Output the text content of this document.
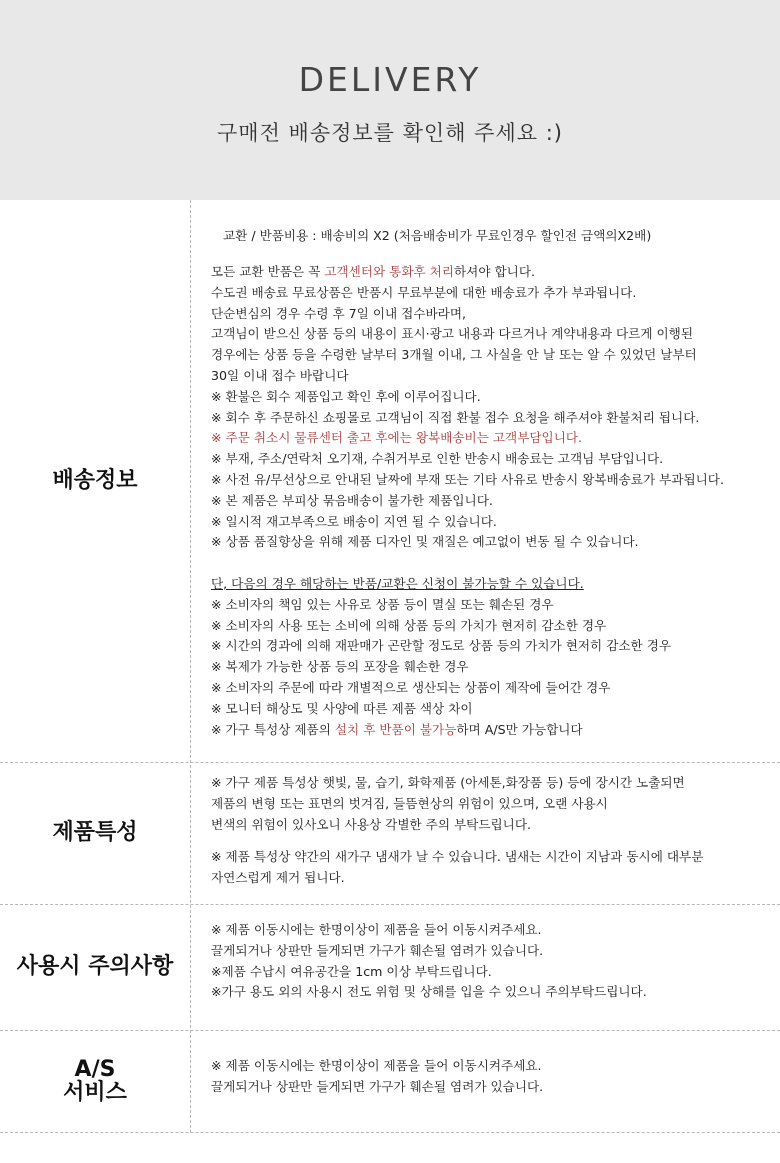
DELIVERY
구매전 배송정보를 확인해 주세요 :)
배송정보
교환 / 반품비용 : 배송비의 X2 (처음배송비가 무료인경우 할인전 금액의X2배)
모든 교환 반품은 꼭 고객센터와 통화후 처리하셔야 합니다.
수도권 배송료 무료상품은 반품시 무료부분에 대한 배송료가 추가 부과됩니다.
단순변심의 경우 수령 후 7일 이내 접수바라며,
고객님이 받으신 상품 등의 내용이 표시·광고 내용과 다르거나 계약내용과 다르게 이행된
경우에는 상품 등을 수령한 날부터 3개월 이내, 그 사실을 안 날 또는 알 수 있었던 날부터
30일 이내 접수 바랍니다
※ 환불은 회수 제품입고 확인 후에 이루어집니다.
※ 회수 후 주문하신 쇼핑몰로 고객님이 직접 환불 접수 요청을 해주셔야 환불처리 됩니다.
※ 주문 취소시 물류센터 출고 후에는 왕복배송비는 고객부담입니다.
※ 부재, 주소/연락처 오기재, 수취거부로 인한 반송시 배송료는 고객님 부담입니다.
※ 사전 유/무선상으로 안내된 날짜에 부재 또는 기타 사유로 반송시 왕복배송료가 부과됩니다.
※ 본 제품은 부피상 묶음배송이 불가한 제품입니다.
※ 일시적 재고부족으로 배송이 지연 될 수 있습니다.
※ 상품 품질향상을 위해 제품 디자인 및 재질은 예고없이 변동 될 수 있습니다.
단, 다음의 경우 해당하는 반품/교환은 신청이 불가능할 수 있습니다.
※ 소비자의 책임 있는 사유로 상품 등이 멸실 또는 훼손된 경우
※ 소비자의 사용 또는 소비에 의해 상품 등의 가치가 현저히 감소한 경우
※ 시간의 경과에 의해 재판매가 곤란할 정도로 상품 등의 가치가 현저히 감소한 경우
※ 복제가 가능한 상품 등의 포장을 훼손한 경우
※ 소비자의 주문에 따라 개별적으로 생산되는 상품이 제작에 들어간 경우
※ 모니터 해상도 및 사양에 따른 제품 색상 차이
※ 가구 특성상 제품의 설치 후 반품이 불가능하며 A/S만 가능합니다
제품특성
※ 가구 제품 특성상 햇빛, 물, 습기, 화학제품 (아세톤,화장품 등) 등에 장시간 노출되면
제품의 변형 또는 표면의 벗겨짐, 들뜸현상의 위험이 있으며, 오랜 사용시
변색의 위험이 있사오니 사용상 각별한 주의 부탁드립니다.
※ 제품 특성상 약간의 새가구 냄새가 날 수 있습니다. 냄새는 시간이 지남과 동시에 대부분
자연스럽게 제거 됩니다.
사용시 주의사항
※ 제품 이동시에는 한명이상이 제품을 들어 이동시켜주세요.
끌게되거나 상판만 들게되면 가구가 훼손될 염려가 있습니다.
※제품 수납시 여유공간을 1cm 이상 부탁드립니다.
※가구 용도 외의 사용시 전도 위험 및 상해를 입을 수 있으니 주의부탁드립니다.
A/S
서비스
※ 제품 이동시에는 한명이상이 제품을 들어 이동시켜주세요.
끌게되거나 상판만 들게되면 가구가 훼손될 염려가 있습니다.
